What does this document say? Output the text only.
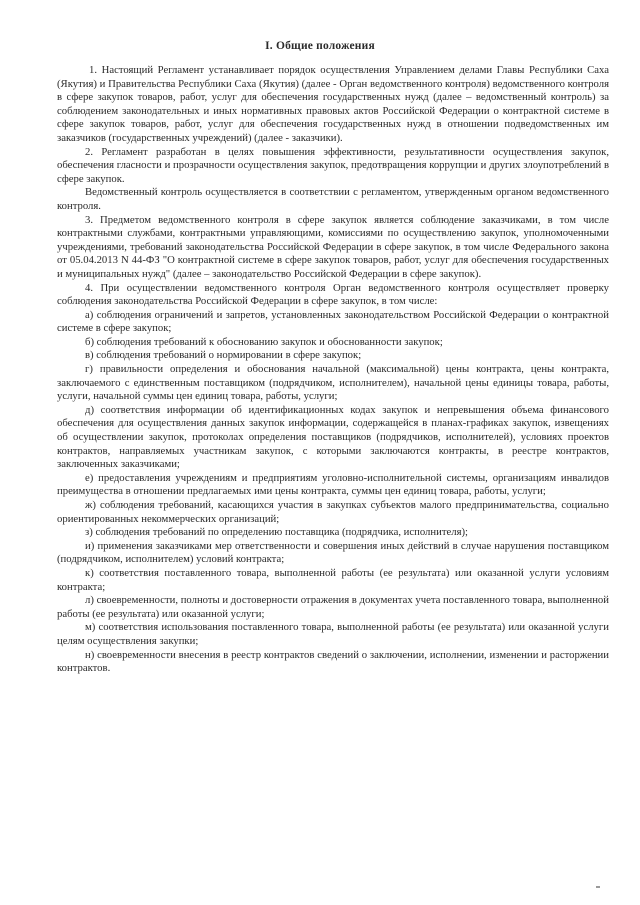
I. Общие положения

1. Настоящий Регламент устанавливает порядок осуществления Управлением делами Главы Республики Саха (Якутия) и Правительства Республики Саха (Якутия) (далее - Орган ведомственного контроля) ведомственного контроля в сфере закупок товаров, работ, услуг для обеспечения государственных нужд (далее – ведомственный контроль) за соблюдением законодательных и иных нормативных правовых актов Российской Федерации о контрактной системе в сфере закупок товаров, работ, услуг для обеспечения государственных нужд в отношении подведомственных им заказчиков (государственных учреждений) (далее - заказчики).

2. Регламент разработан в целях повышения эффективности, результативности осуществления закупок, обеспечения гласности и прозрачности осуществления закупок, предотвращения коррупции и других злоупотреблений в сфере закупок.

Ведомственный контроль осуществляется в соответствии с регламентом, утвержденным органом ведомственного контроля.

3. Предметом ведомственного контроля в сфере закупок является соблюдение заказчиками, в том числе контрактными службами, контрактными управляющими, комиссиями по осуществлению закупок, уполномоченными учреждениями, требований законодательства Российской Федерации в сфере закупок, в том числе Федерального закона от 05.04.2013 N 44-ФЗ "О контрактной системе в сфере закупок товаров, работ, услуг для обеспечения государственных и муниципальных нужд" (далее – законодательство Российской Федерации в сфере закупок).

4. При осуществлении ведомственного контроля Орган ведомственного контроля осуществляет проверку соблюдения законодательства Российской Федерации в сфере закупок, в том числе:

а) соблюдения ограничений и запретов, установленных законодательством Российской Федерации о контрактной системе в сфере закупок;

б) соблюдения требований к обоснованию закупок и обоснованности закупок;

в) соблюдения требований о нормировании в сфере закупок;

г) правильности определения и обоснования начальной (максимальной) цены контракта, цены контракта, заключаемого с единственным поставщиком (подрядчиком, исполнителем), начальной цены единицы товара, работы, услуги, начальной суммы цен единиц товара, работы, услуги;

д) соответствия информации об идентификационных кодах закупок и непревышения объема финансового обеспечения для осуществления данных закупок информации, содержащейся в планах-графиках закупок, извещениях об осуществлении закупок, протоколах определения поставщиков (подрядчиков, исполнителей), условиях проектов контрактов, направляемых участникам закупок, с которыми заключаются контракты, в реестре контрактов, заключенных заказчиками;

е) предоставления учреждениям и предприятиям уголовно-исполнительной системы, организациям инвалидов преимущества в отношении предлагаемых ими цены контракта, суммы цен единиц товара, работы, услуги;

ж) соблюдения требований, касающихся участия в закупках субъектов малого предпринимательства, социально ориентированных некоммерческих организаций;

з) соблюдения требований по определению поставщика (подрядчика, исполнителя);

и) применения заказчиками мер ответственности и совершения иных действий в случае нарушения поставщиком (подрядчиком, исполнителем) условий контракта;

к) соответствия поставленного товара, выполненной работы (ее результата) или оказанной услуги условиям контракта;

л) своевременности, полноты и достоверности отражения в документах учета поставленного товара, выполненной работы (ее результата) или оказанной услуги;

м) соответствия использования поставленного товара, выполненной работы (ее результата) или оказанной услуги целям осуществления закупки;

н) своевременности внесения в реестр контрактов сведений о заключении, исполнении, изменении и расторжении контрактов.
